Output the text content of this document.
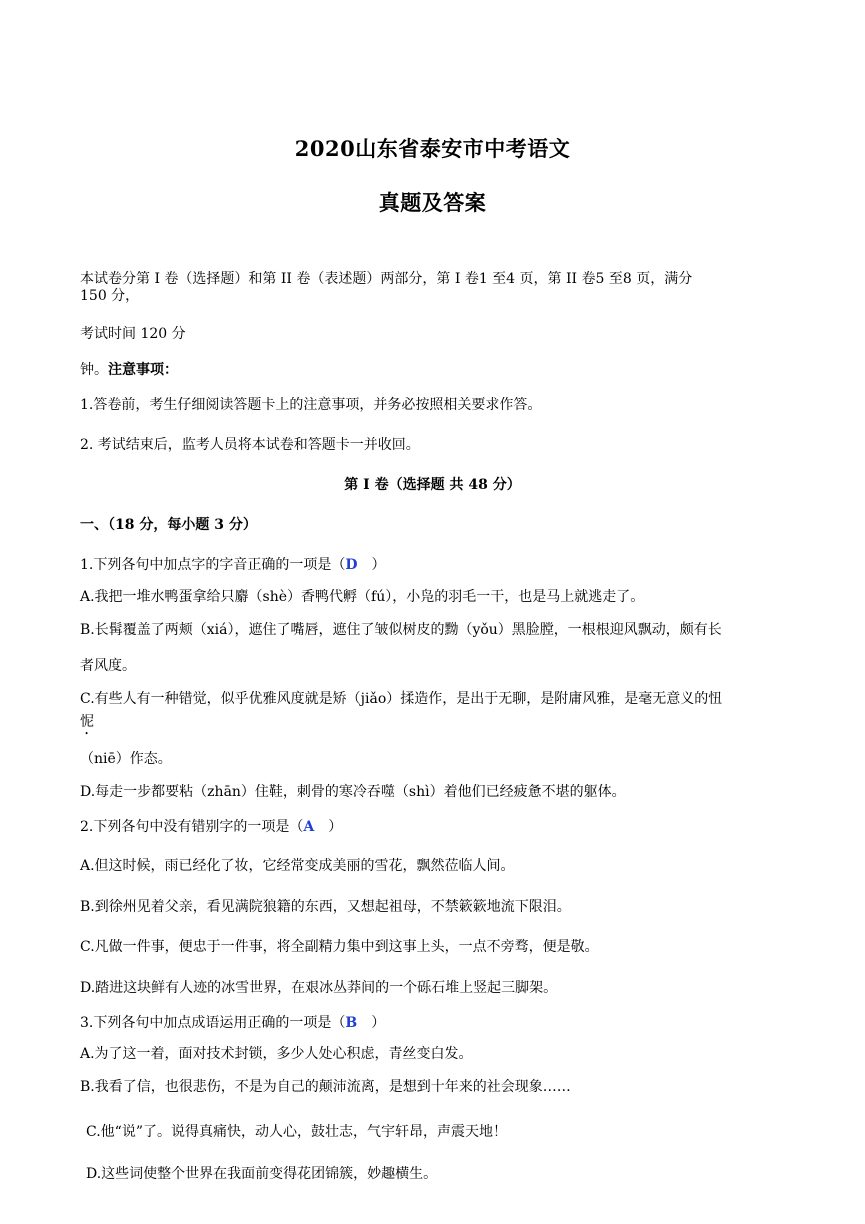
2020山东省泰安市中考语文
真题及答案
本试卷分第 I 卷（选择题）和第 II 卷（表述题）两部分，第 I 卷1 至4 页，第 II 卷5 至8 页，满分
150 分，
考试时间 120 分
钟。注意事项：
1.答卷前，考生仔细阅读答题卡上的注意事项，并务必按照相关要求作答。
2. 考试结束后，监考人员将本试卷和答题卡一并收回。
第 I 卷（选择题 共 48 分）
一、（18 分，每小题 3 分）
1.下列各句中加点字的字音正确的一项是（D ）
A.我把一堆水鸭蛋拿给只麝（shè）香鸭代孵（fú），小凫的羽毛一干，也是马上就逃走了。
B.长髯覆盖了两颊（xiá），遮住了嘴唇，遮住了皱似树皮的黝（yǒu）黑脸膛，一根根迎风飘动，颇有长
者风度。
C.有些人有一种错觉，似乎优雅风度就是矫（jiǎo）揉造作，是出于无聊，是附庸风雅，是毫无意义的忸
怩
（niē）作态。
D.每走一步都要粘（zhān）住鞋，刺骨的寒冷吞噬（shì）着他们已经疲惫不堪的躯体。
2.下列各句中没有错别字的一项是（A ）
A.但这时候，雨已经化了妆，它经常变成美丽的雪花，飘然莅临人间。
B.到徐州见着父亲，看见满院狼籍的东西，又想起祖母，不禁簌簌地流下限泪。
C.凡做一件事，便忠于一件事，将全副精力集中到这事上头，一点不旁骛，便是敬。
D.踏进这块鲜有人迹的冰雪世界，在艰冰丛莽间的一个砾石堆上竖起三脚架。
3.下列各句中加点成语运用正确的一项是（B ）
A.为了这一着，面对技术封锁，多少人处心积虑，青丝变白发。
B.我看了信，也很悲伤，不是为自己的颠沛流离，是想到十年来的社会现象……
C.他“说”了。说得真痛快，动人心，鼓壮志，气宇轩昂，声震天地！
D.这些词使整个世界在我面前变得花团锦簇，妙趣横生。
